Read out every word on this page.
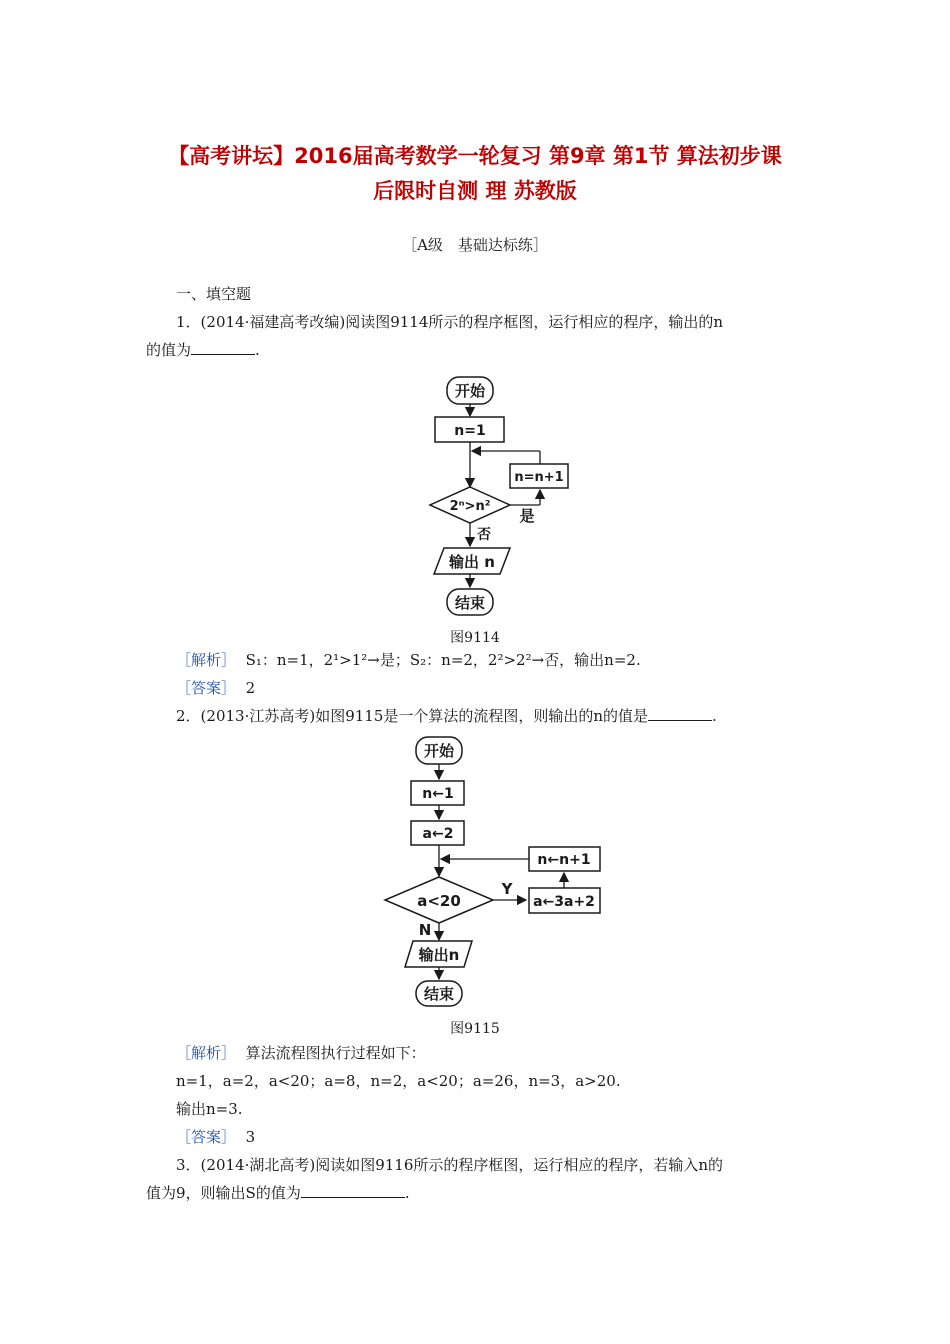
【高考讲坛】2016届高考数学一轮复习 第9章 第1节 算法初步课
后限时自测 理 苏教版
［A级　基础达标练］
一、填空题
1．(2014·福建高考改编)阅读图9114所示的程序框图，运行相应的程序，输出的n
的值为	.
开始
n=1
n=n+1
2ⁿ>n²
是
否
输出 n
结束
图9114
［解析］ S₁：n=1，2¹>1²→是；S₂：n=2，2²>2²→否，输出n=2.
［答案］ 2
2．(2013·江苏高考)如图9115是一个算法的流程图，则输出的n的值是	.
开始
n←1
a←2
n←n+1
a←3a+2
a<20
Y
N
输出n
结束
图9115
［解析］ 算法流程图执行过程如下：
n=1，a=2，a<20；a=8，n=2，a<20；a=26，n=3，a>20.
输出n=3.
［答案］ 3
3．(2014·湖北高考)阅读如图9116所示的程序框图，运行相应的程序，若输入n的
值为9，则输出S的值为	.
